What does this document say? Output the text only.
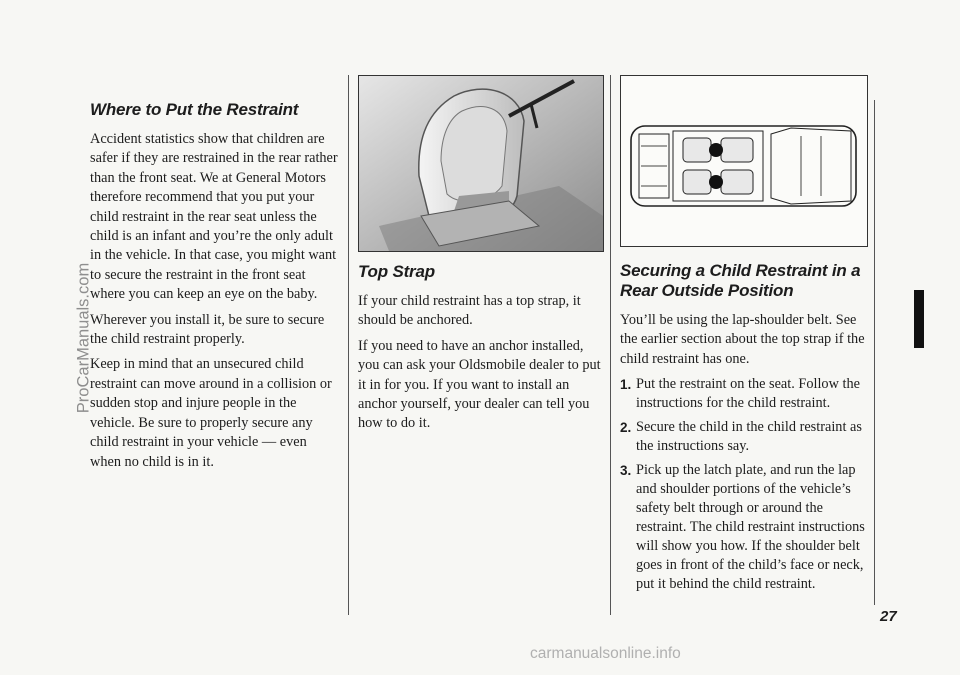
ProCarManuals.com
Where to Put the Restraint

Accident statistics show that children are safer if they are restrained in the rear rather than the front seat. We at General Motors therefore recommend that you put your child restraint in the rear seat unless the child is an infant and you’re the only adult in the vehicle. In that case, you might want to secure the restraint in the front seat where you can keep an eye on the baby.

Wherever you install it, be sure to secure the child restraint properly.

Keep in mind that an unsecured child restraint can move around in a collision or sudden stop and injure people in the vehicle. Be sure to properly secure any child restraint in your vehicle — even when no child is in it.

Top Strap

If your child restraint has a top strap, it should be anchored.

If you need to have an anchor installed, you can ask your Oldsmobile dealer to put it in for you. If you want to install an anchor yourself, your dealer can tell you how to do it.

Securing a Child Restraint in a Rear Outside Position

You’ll be using the lap-shoulder belt. See the earlier section about the top strap if the child restraint has one.

1. Put the restraint on the seat. Follow the instructions for the child restraint.
2. Secure the child in the child restraint as the instructions say.
3. Pick up the latch plate, and run the lap and shoulder portions of the vehicle’s safety belt through or around the restraint. The child restraint instructions will show you how. If the shoulder belt goes in front of the child’s face or neck, put it behind the child restraint.
27
carmanualsonline.info
